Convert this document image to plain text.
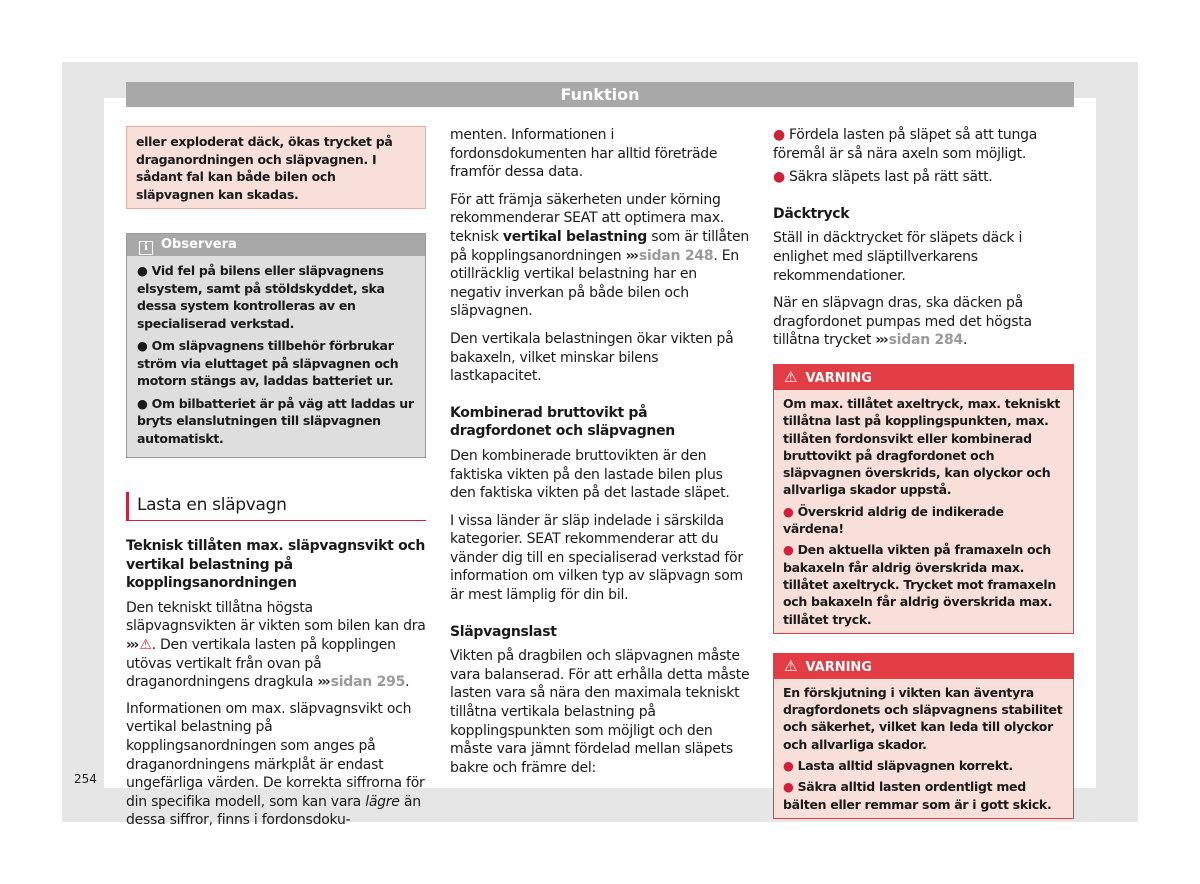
Funktion
eller exploderat däck, ökas trycket på draganordningen och släpvagnen. I sådant fal kan både bilen och släpvagnen kan skadas.
i Observera
● Vid fel på bilens eller släpvagnens elsystem, samt på stöldskyddet, ska dessa system kontrolleras av en specialiserad verkstad.
● Om släpvagnens tillbehör förbrukar ström via eluttaget på släpvagnen och motorn stängs av, laddas batteriet ur.
● Om bilbatteriet är på väg att laddas ur bryts elanslutningen till släpvagnen automatiskt.
Lasta en släpvagn

Teknisk tillåten max. släpvagnsvikt och vertikal belastning på kopplingsanordningen

Den tekniskt tillåtna högsta släpvagnsvikten är vikten som bilen kan dra ››› ⚠. Den vertikala lasten på kopplingen utövas vertikalt från ovan på draganordningens dragkula ››› sidan 295.

Informationen om max. släpvagnsvikt och vertikal belastning på kopplingsanordningen som anges på draganordningens märkplåt är endast ungefärliga värden. De korrekta siffrorna för din specifika modell, som kan vara lägre än dessa siffror, finns i fordonsdoku-

menten. Informationen i fordonsdokumenten har alltid företräde framför dessa data.

För att främja säkerheten under körning rekommenderar SEAT att optimera max. teknisk vertikal belastning som är tillåten på kopplingsanordningen ››› sidan 248. En otillräcklig vertikal belastning har en negativ inverkan på både bilen och släpvagnen.

Den vertikala belastningen ökar vikten på bakaxeln, vilket minskar bilens lastkapacitet.

Kombinerad bruttovikt på dragfordonet och släpvagnen

Den kombinerade bruttovikten är den faktiska vikten på den lastade bilen plus den faktiska vikten på det lastade släpet.

I vissa länder är släp indelade i särskilda kategorier. SEAT rekommenderar att du vänder dig till en specialiserad verkstad för information om vilken typ av släpvagn som är mest lämplig för din bil.

Släpvagnslast

Vikten på dragbilen och släpvagnen måste vara balanserad. För att erhålla detta måste lasten vara så nära den maximala tekniskt tillåtna vertikala belastning på kopplingspunkten som möjligt och den måste vara jämnt fördelad mellan släpets bakre och främre del:

● Fördela lasten på släpet så att tunga föremål är så nära axeln som möjligt.

● Säkra släpets last på rätt sätt.

Däcktryck

Ställ in däcktrycket för släpets däck i enlighet med släptillverkarens rekommendationer.

När en släpvagn dras, ska däcken på dragfordonet pumpas med det högsta tillåtna trycket ››› sidan 284.

⚠ VARNING
Om max. tillåtet axeltryck, max. tekniskt tillåtna last på kopplingspunkten, max. tillåten fordonsvikt eller kombinerad bruttovikt på dragfordonet och släpvagnen överskrids, kan olyckor och allvarliga skador uppstå.
● Överskrid aldrig de indikerade värdena!
● Den aktuella vikten på framaxeln och bakaxeln får aldrig överskrida max. tillåtet axeltryck. Trycket mot framaxeln och bakaxeln får aldrig överskrida max. tillåtet tryck.
⚠ VARNING
En förskjutning i vikten kan äventyra dragfordonets och släpvagnens stabilitet och säkerhet, vilket kan leda till olyckor och allvarliga skador.
● Lasta alltid släpvagnen korrekt.
● Säkra alltid lasten ordentligt med bälten eller remmar som är i gott skick.
254
